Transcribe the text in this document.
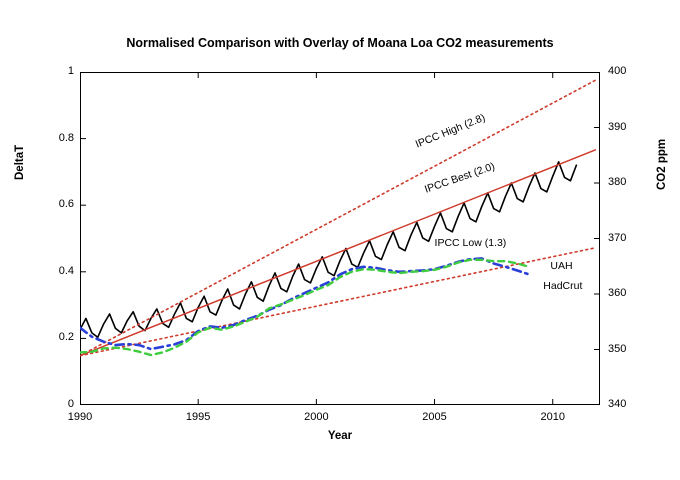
Normalised Comparison with Overlay of Moana Loa CO2 measurements
DeltaT	CO2 ppm
Year
1990	1995	2000	2005	2010
0
0.2
0.4
0.6
0.8
1
340
350
360
370
380
390
400
IPCC High (2.8)
IPCC Best (2.0)
IPCC Low (1.3)
UAH
HadCrut
